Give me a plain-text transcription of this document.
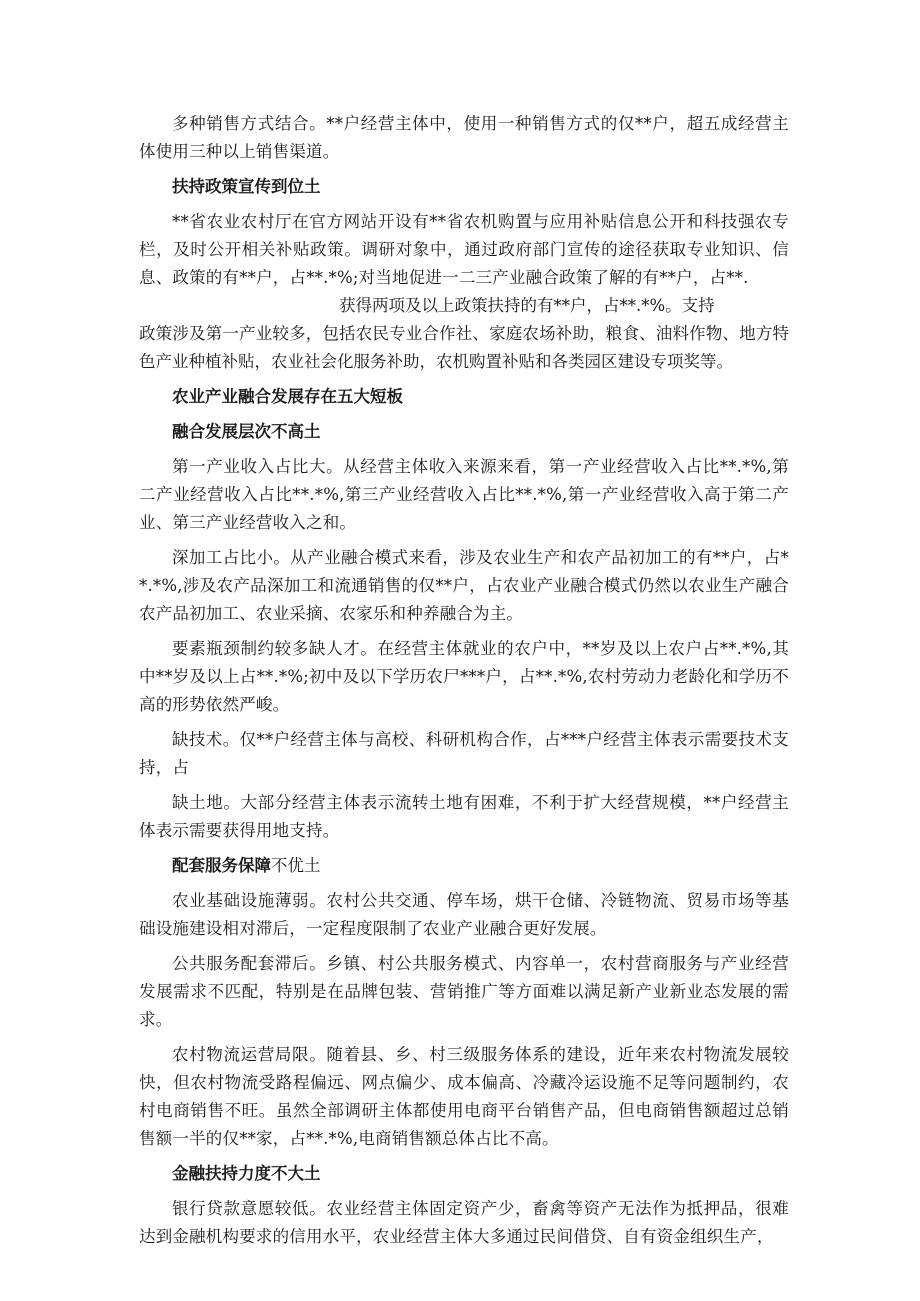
多种销售方式结合。**户经营主体中，使用一种销售方式的仅**户，超五成经营主体使用三种以上销售渠道。

扶持政策宣传到位土

**省农业农村厅在官方网站开设有**省农机购置与应用补贴信息公开和科技强农专栏，及时公开相关补贴政策。调研对象中，通过政府部门宣传的途径获取专业知识、信息、政策的有**户，占**.*%;对当地促进一二三产业融合政策了解的有**户，占**.

获得两项及以上政策扶持的有**户，占**.*%。支持

政策涉及第一产业较多，包括农民专业合作社、家庭农场补助，粮食、油料作物、地方特色产业种植补贴，农业社会化服务补助，农机购置补贴和各类园区建设专项奖等。

农业产业融合发展存在五大短板

融合发展层次不高土

第一产业收入占比大。从经营主体收入来源来看，第一产业经营收入占比**.*%,第二产业经营收入占比**.*%,第三产业经营收入占比**.*%,第一产业经营收入高于第二产业、第三产业经营收入之和。

深加工占比小。从产业融合模式来看，涉及农业生产和农产品初加工的有**户，占**.*%,涉及农产品深加工和流通销售的仅**户，占农业产业融合模式仍然以农业生产融合农产品初加工、农业采摘、农家乐和种养融合为主。

要素瓶颈制约较多缺人才。在经营主体就业的农户中，**岁及以上农户占**.*%,其中**岁及以上占**.*%;初中及以下学历农尸***户，占**.*%,农村劳动力老龄化和学历不高的形势依然严峻。

缺技术。仅**户经营主体与高校、科研机构合作，占***户经营主体表示需要技术支持，占

缺土地。大部分经营主体表示流转土地有困难，不利于扩大经营规模，**户经营主体表示需要获得用地支持。

配套服务保障不优土

农业基础设施薄弱。农村公共交通、停车场，烘干仓储、冷链物流、贸易市场等基础设施建设相对滞后，一定程度限制了农业产业融合更好发展。

公共服务配套滞后。乡镇、村公共服务模式、内容单一，农村营商服务与产业经营发展需求不匹配，特别是在品牌包装、营销推广等方面难以满足新产业新业态发展的需求。

农村物流运营局限。随着县、乡、村三级服务体系的建设，近年来农村物流发展较快，但农村物流受路程偏远、网点偏少、成本偏高、冷藏冷运设施不足等问题制约，农村电商销售不旺。虽然全部调研主体都使用电商平台销售产品，但电商销售额超过总销售额一半的仅**家，占**.*%,电商销售额总体占比不高。

金融扶持力度不大土

银行贷款意愿较低。农业经营主体固定资产少，畜禽等资产无法作为抵押品，很难达到金融机构要求的信用水平，农业经营主体大多通过民间借贷、自有资金组织生产，
